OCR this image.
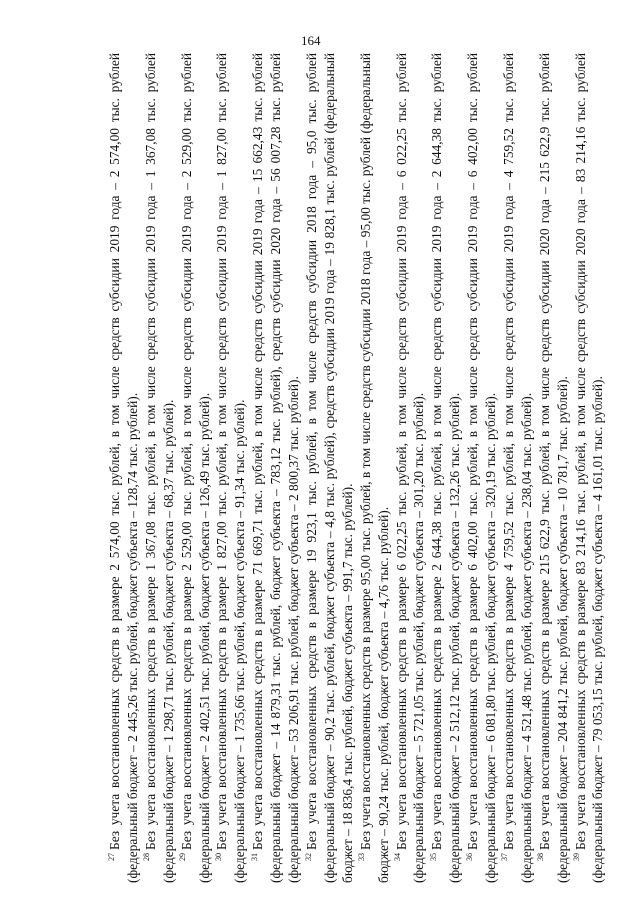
164

$^{27}$Без учета восстановленных средств в размере 2 574,00 тыс. рублей, в том числе средств субсидии 2019 года – 2 574,00 тыс. рублей (федеральный бюджет – 2 445,26 тыс. рублей, бюджет субъекта – 128,74 тыс. рублей). $^{28}$Без учета восстановленных средств в размере 1 367,08 тыс. рублей, в том числе средств субсидии 2019 года – 1 367,08 тыс. рублей (федеральный бюджет – 1 298,71 тыс. рублей, бюджет субъекта – 68,37 тыс. рублей). $^{29}$Без учета восстановленных средств в размере 2 529,00 тыс. рублей, в том числе средств субсидии 2019 года – 2 529,00 тыс. рублей (федеральный бюджет – 2 402,51 тыс. рублей, бюджет субъекта – 126,49 тыс. рублей). $^{30}$Без учета восстановленных средств в размере 1 827,00 тыс. рублей, в том числе средств субсидии 2019 года – 1 827,00 тыс. рублей (федеральный бюджет – 1 735,66 тыс. рублей, бюджет субъекта – 91,34 тыс. рублей). $^{31}$Без учета восстановленных средств в размере 71 669,71 тыс. рублей, в том числе средств субсидии 2019 года – 15 662,43 тыс. рублей (федеральный бюджет – 14 879,31 тыс. рублей, бюджет субъекта – 783,12 тыс. рублей), средств субсидии 2020 года – 56 007,28 тыс. рублей (федеральный бюджет – 53 206,91 тыс. рублей, бюджет субъекта – 2 800,37 тыс. рублей). $^{32}$Без учета восстановленных средств в размере 19 923,1 тыс. рублей, в том числе средств субсидии 2018 года – 95,0 тыс. рублей (федеральный бюджет – 90,2 тыс. рублей, бюджет субъекта – 4,8 тыс. рублей), средств субсидии 2019 года – 19 828,1 тыс. рублей (федеральный бюджет – 18 836,4 тыс. рублей, бюджет субъекта – 991,7 тыс. рублей). $^{33}$Без учета восстановленных средств в размере 95,00 тыс. рублей, в том числе средств субсидии 2018 года – 95,00 тыс. рублей (федеральный бюджет – 90,24 тыс. рублей, бюджет субъекта – 4,76 тыс. рублей). $^{34}$Без учета восстановленных средств в размере 6 022,25 тыс. рублей, в том числе средств субсидии 2019 года – 6 022,25 тыс. рублей (федеральный бюджет – 5 721,05 тыс. рублей, бюджет субъекта – 301,20 тыс. рублей). $^{35}$Без учета восстановленных средств в размере 2 644,38 тыс. рублей, в том числе средств субсидии 2019 года – 2 644,38 тыс. рублей (федеральный бюджет – 2 512,12 тыс. рублей, бюджет субъекта – 132,26 тыс. рублей). $^{36}$Без учета восстановленных средств в размере 6 402,00 тыс. рублей, в том числе средств субсидии 2019 года – 6 402,00 тыс. рублей (федеральный бюджет – 6 081,80 тыс. рублей, бюджет субъекта – 320,19 тыс. рублей). $^{37}$Без учета восстановленных средств в размере 4 759,52 тыс. рублей, в том числе средств субсидии 2019 года – 4 759,52 тыс. рублей (федеральный бюджет – 4 521,48 тыс. рублей, бюджет субъекта – 238,04 тыс. рублей). $^{38}$Без учета восстановленных средств в размере 215 622,9 тыс. рублей, в том числе средств субсидии 2020 года – 215 622,9 тыс. рублей (федеральный бюджет – 204 841,2 тыс. рублей, бюджет субъекта – 10 781,7 тыс. рублей). $^{39}$Без учета восстановленных средств в размере 83 214,16 тыс. рублей, в том числе средств субсидии 2020 года – 83 214,16 тыс. рублей (федеральный бюджет – 79 053,15 тыс. рублей, бюджет субъекта – 4 161,01 тыс. рублей).
